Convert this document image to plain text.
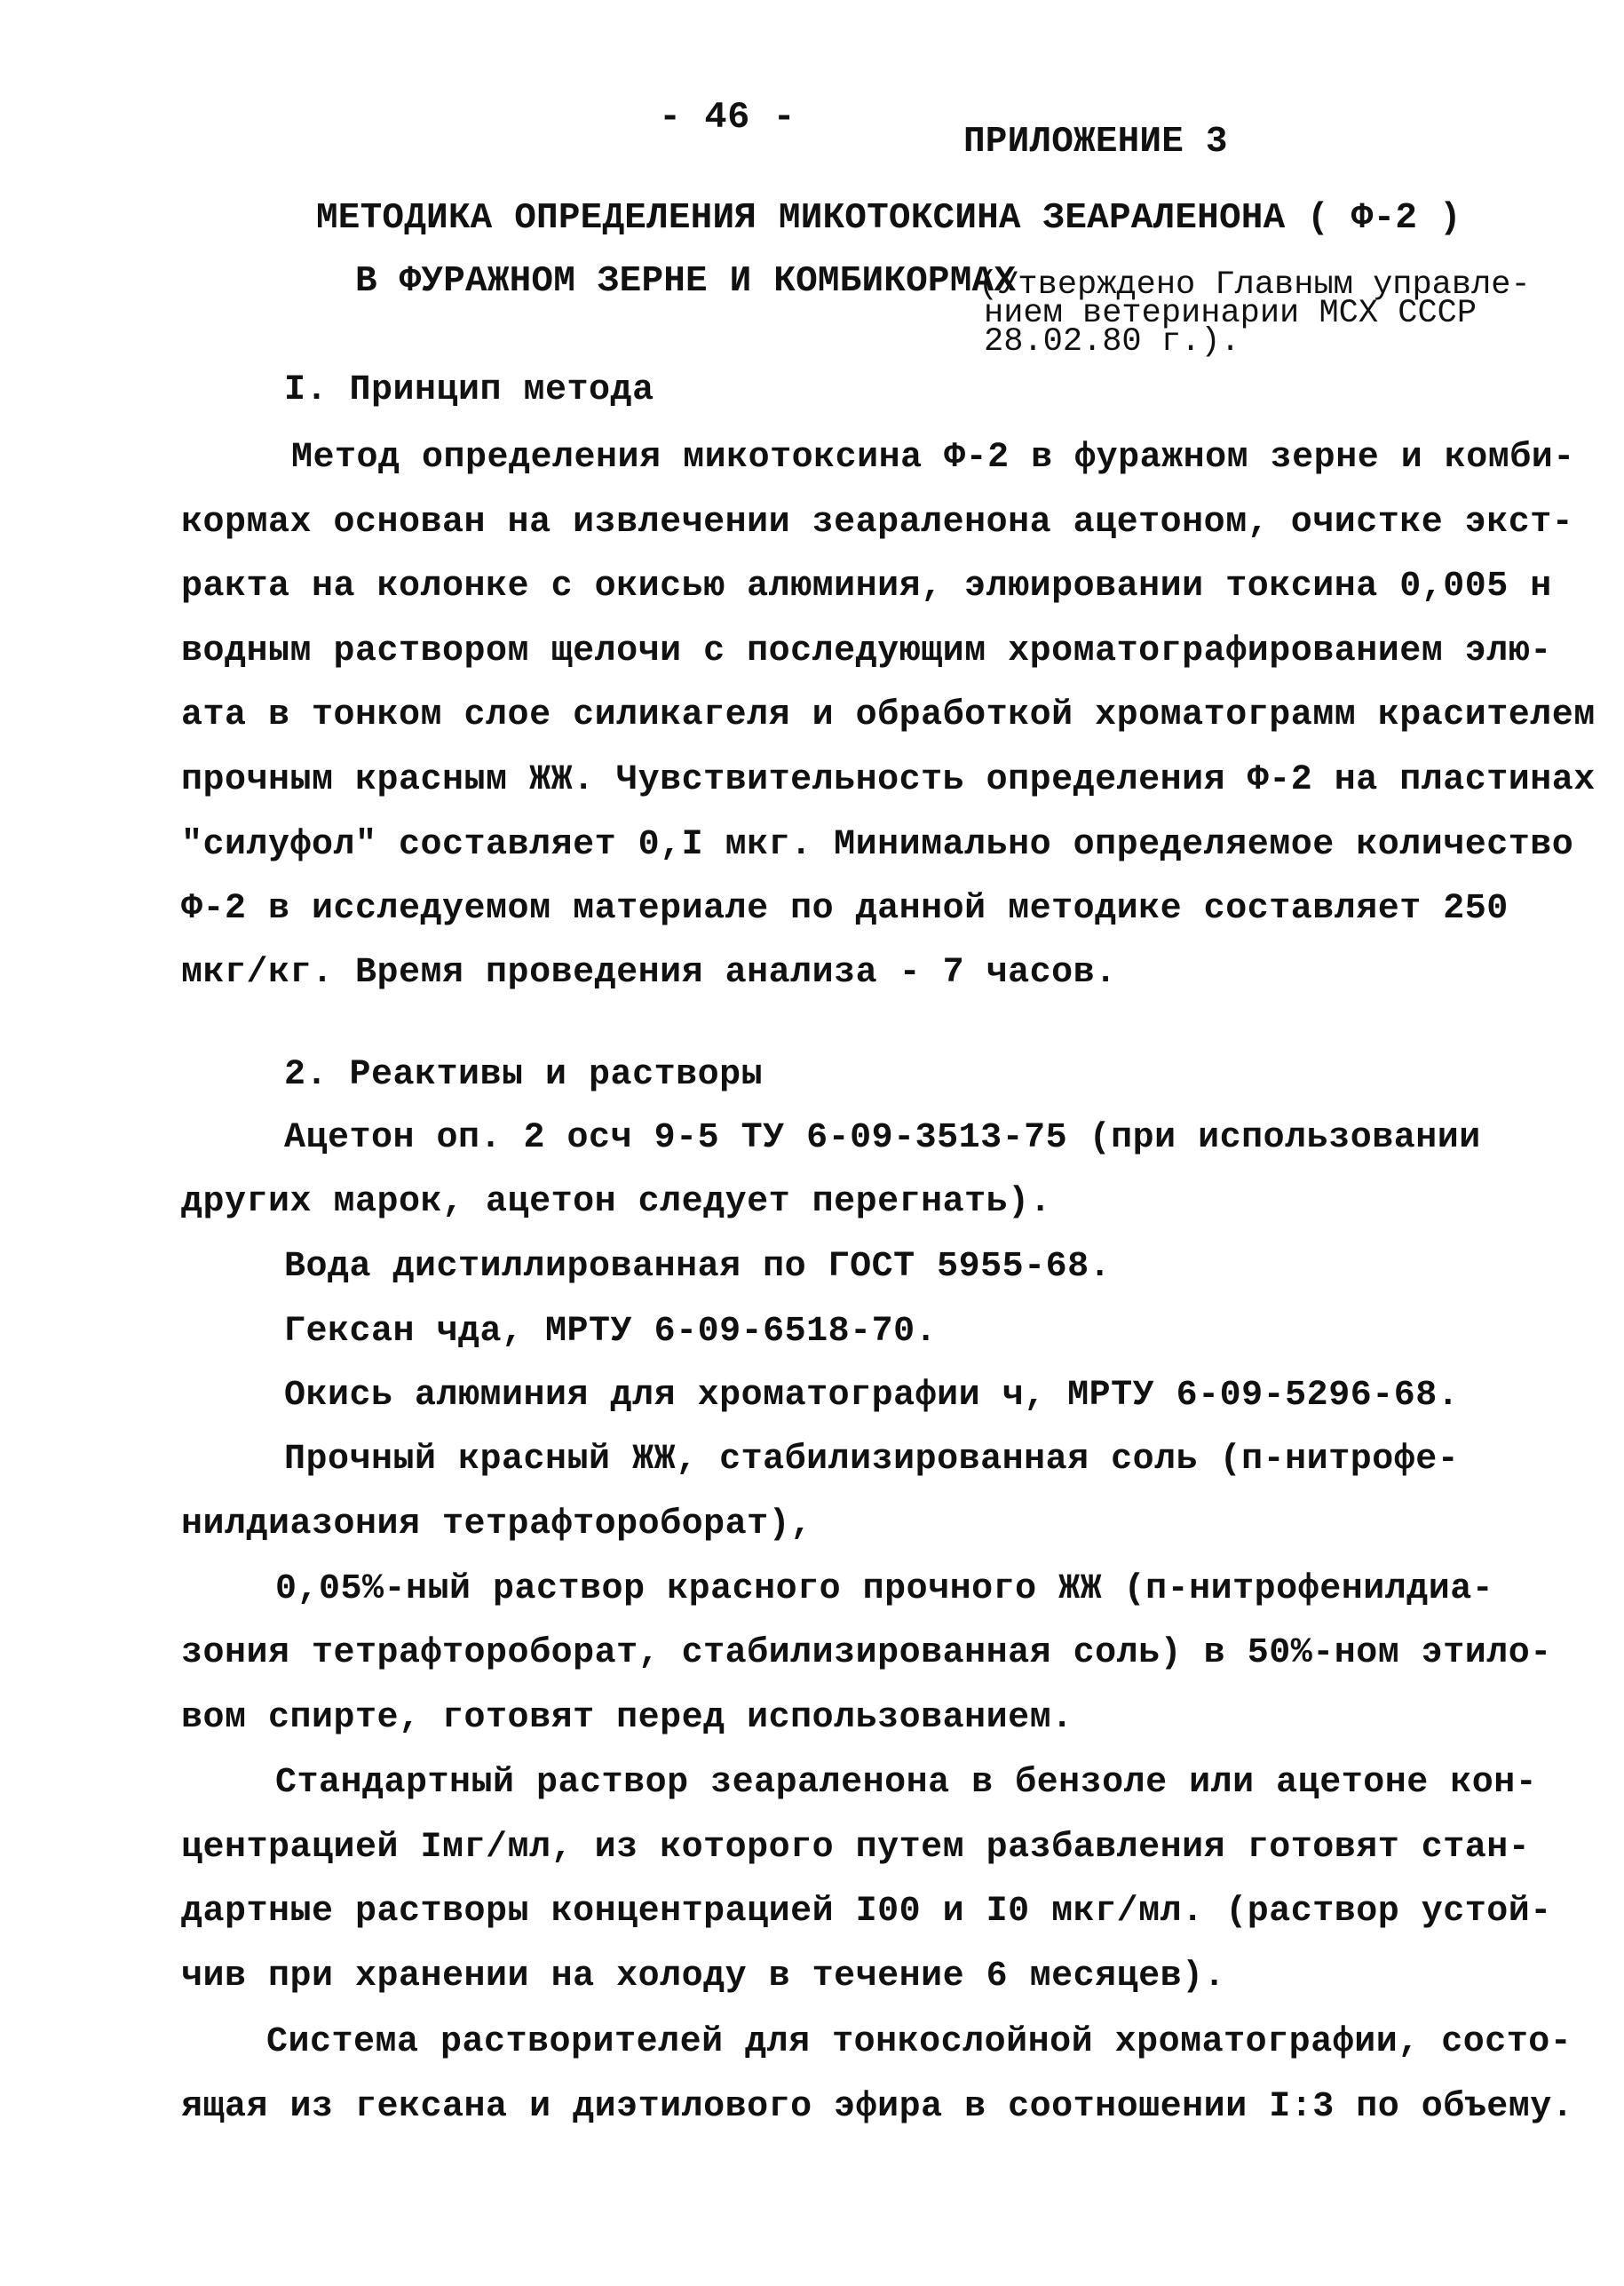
- 46 -
ПРИЛОЖЕНИЕ 3
МЕТОДИКА ОПРЕДЕЛЕНИЯ МИКОТОКСИНА ЗЕАРАЛЕНОНА ( Ф-2 )
В ФУРАЖНОМ ЗЕРНЕ И КОМБИКОРМАХ
(Утверждено Главным управле-
нием ветеринарии МСХ СССР
28.02.80 г.).
I. Принцип метода
Метод определения микотоксина Ф-2 в фуражном зерне и комби-
кормах основан на извлечении зеараленона ацетоном, очистке экст-
ракта на колонке с окисью алюминия, элюировании токсина 0,005 н
водным раствором щелочи с последующим хроматографированием элю-
ата в тонком слое силикагеля и обработкой хроматограмм красителем
прочным красным ЖЖ. Чувствительность определения Ф-2 на пластинах
"силуфол" составляет 0,I мкг. Минимально определяемое количество
Ф-2 в исследуемом материале по данной методике составляет 250
мкг/кг. Время проведения анализа - 7 часов.
2. Реактивы и растворы
Ацетон оп. 2 осч 9-5 ТУ 6-09-3513-75 (при использовании
других марок, ацетон следует перегнать).
Вода дистиллированная по ГОСТ 5955-68.
Гексан чда, МРТУ 6-09-6518-70.
Окись алюминия для хроматографии ч, МРТУ 6-09-5296-68.
Прочный красный ЖЖ, стабилизированная соль (п-нитрофе-
нилдиазония тетрафтороборат),
0,05%-ный раствор красного прочного ЖЖ (п-нитрофенилдиа-
зония тетрафтороборат, стабилизированная соль) в 50%-ном этило-
вом спирте, готовят перед использованием.
Стандартный раствор зеараленона в бензоле или ацетоне кон-
центрацией Iмг/мл, из которого путем разбавления готовят стан-
дартные растворы концентрацией I00 и I0 мкг/мл. (раствор устой-
чив при хранении на холоду в течение 6 месяцев).
Система растворителей для тонкослойной хроматографии, состо-
ящая из гексана и диэтилового эфира в соотношении I:3 по объему.
